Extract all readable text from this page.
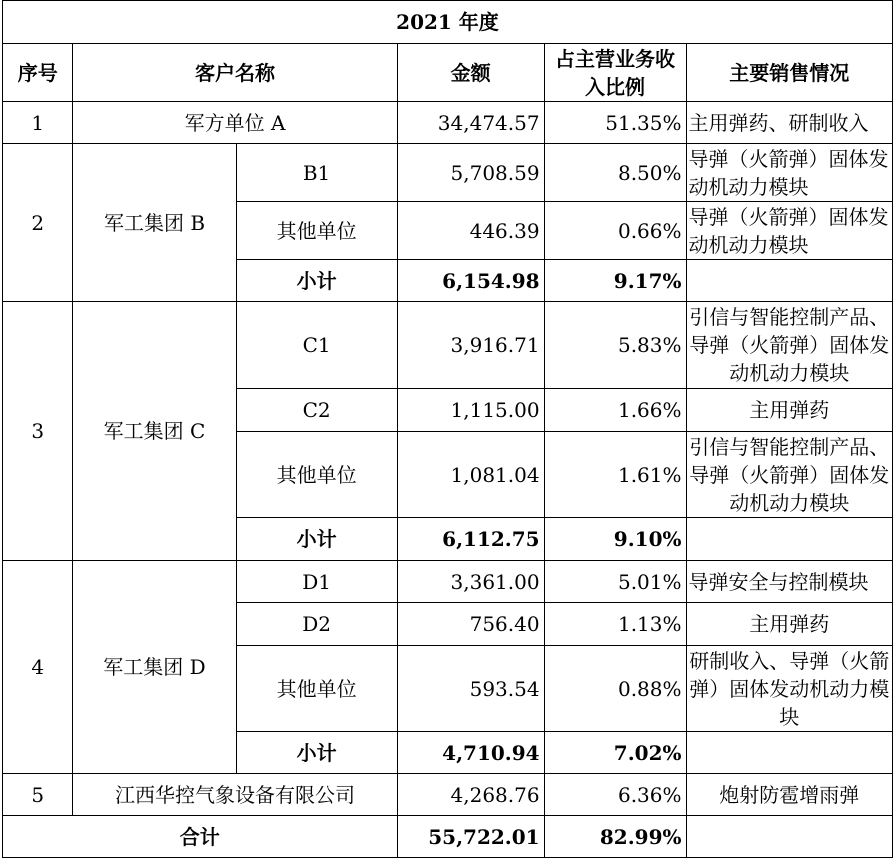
2021 年度					
序号	客户名称		金额	占主营业务收入比例	主要销售情况
1	军方单位 A		34,474.57	51.35%	主用弹药、研制收入
2	军工集团 B	B1	5,708.59	8.50%	导弹（火箭弹）固体发动机动力模块
		其他单位	446.39	0.66%	导弹（火箭弹）固体发动机动力模块
		小计	6,154.98	9.17%	
3	军工集团 C	C1	3,916.71	5.83%	引信与智能控制产品、导弹（火箭弹）固体发动机动力模块
		C2	1,115.00	1.66%	主用弹药
		其他单位	1,081.04	1.61%	引信与智能控制产品、导弹（火箭弹）固体发动机动力模块
		小计	6,112.75	9.10%	
4	军工集团 D	D1	3,361.00	5.01%	导弹安全与控制模块
		D2	756.40	1.13%	主用弹药
		其他单位	593.54	0.88%	研制收入、导弹（火箭弹）固体发动机动力模块
		小计	4,710.94	7.02%	
5	江西华控气象设备有限公司		4,268.76	6.36%	炮射防雹增雨弹
合计			55,722.01	82.99%	
